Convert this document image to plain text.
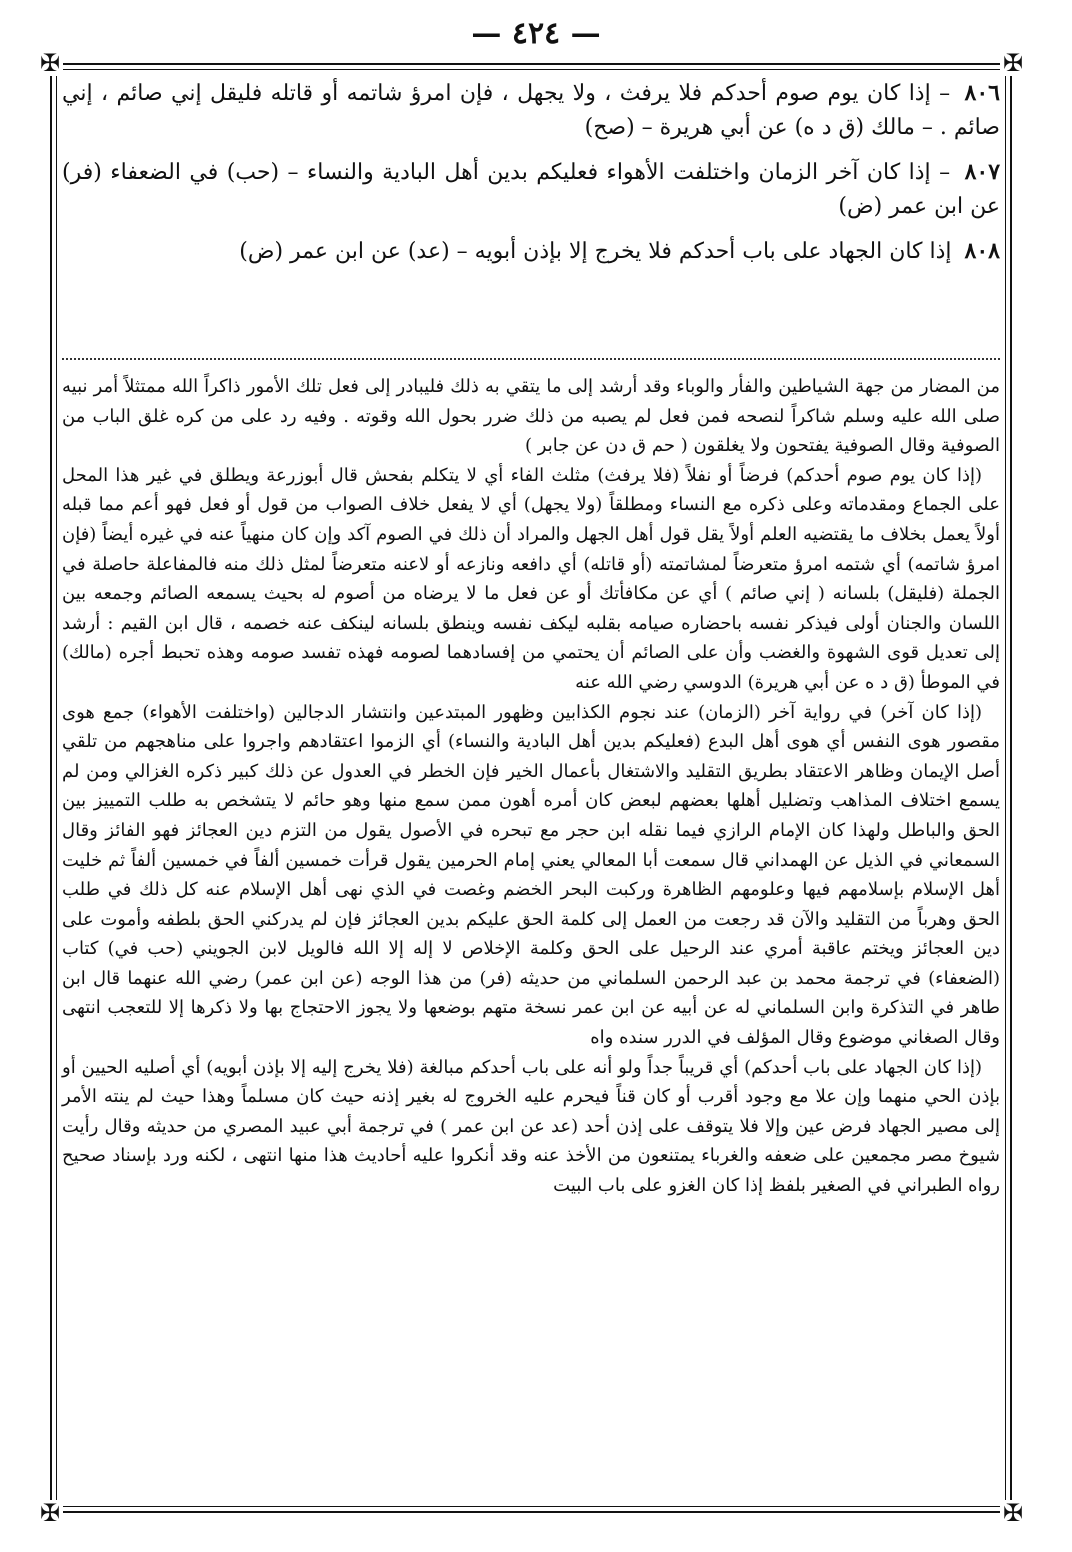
— ٤٢٤ —
✠	✠
✠	✠

٨٠٦ – إذا كان يوم صوم أحدكم فلا يرفث ، ولا يجهل ، فإن امرؤ شاتمه أو قاتله فليقل إني صائم ، إني صائم . – مالك (ق د ه) عن أبي هريرة – (صح)

٨٠٧ – إذا كان آخر الزمان واختلفت الأهواء فعليكم بدين أهل البادية والنساء – (حب) في الضعفاء (فر) عن ابن عمر (ض)

٨٠٨ إذا كان الجهاد على باب أحدكم فلا يخرج إلا بإذن أبويه – (عد) عن ابن عمر (ض)

من المضار من جهة الشياطين والفأر والوباء وقد أرشد إلى ما يتقي به ذلك فليبادر إلى فعل تلك الأمور ذاكراً الله ممتثلاً أمر نبيه صلى الله عليه وسلم شاكراً لنصحه فمن فعل لم يصبه من ذلك ضرر بحول الله وقوته . وفيه رد على من كره غلق الباب من الصوفية وقال الصوفية يفتحون ولا يغلقون ( حم ق دن عن جابر )

(إذا كان يوم صوم أحدكم) فرضاً أو نفلاً (فلا يرفث) مثلث الفاء أي لا يتكلم بفحش قال أبوزرعة ويطلق في غير هذا المحل على الجماع ومقدماته وعلى ذكره مع النساء ومطلقاً (ولا يجهل) أي لا يفعل خلاف الصواب من قول أو فعل فهو أعم مما قبله أولاً يعمل بخلاف ما يقتضيه العلم أولاً يقل قول أهل الجهل والمراد أن ذلك في الصوم آكد وإن كان منهياً عنه في غيره أيضاً (فإن امرؤ شاتمه) أي شتمه امرؤ متعرضاً لمشاتمته (أو قاتله) أي دافعه ونازعه أو لاعنه متعرضاً لمثل ذلك منه فالمفاعلة حاصلة في الجملة (فليقل) بلسانه ( إني صائم ) أي عن مكافأتك أو عن فعل ما لا يرضاه من أصوم له بحيث يسمعه الصائم وجمعه بين اللسان والجنان أولى فيذكر نفسه باحضاره صيامه بقلبه ليكف نفسه وينطق بلسانه لينكف عنه خصمه ، قال ابن القيم : أرشد إلى تعديل قوى الشهوة والغضب وأن على الصائم أن يحتمي من إفسادهما لصومه فهذه تفسد صومه وهذه تحبط أجره (مالك) في الموطأ (ق د ه عن أبي هريرة) الدوسي رضي الله عنه

(إذا كان آخر) في رواية آخر (الزمان) عند نجوم الكذابين وظهور المبتدعين وانتشار الدجالين (واختلفت الأهواء) جمع هوى مقصور هوى النفس أي هوى أهل البدع (فعليكم بدين أهل البادية والنساء) أي الزموا اعتقادهم واجروا على مناهجهم من تلقي أصل الإيمان وظاهر الاعتقاد بطريق التقليد والاشتغال بأعمال الخير فإن الخطر في العدول عن ذلك كبير ذكره الغزالي ومن لم يسمع اختلاف المذاهب وتضليل أهلها بعضهم لبعض كان أمره أهون ممن سمع منها وهو حائم لا يتشخص به طلب التمييز بين الحق والباطل ولهذا كان الإمام الرازي فيما نقله ابن حجر مع تبحره في الأصول يقول من التزم دين العجائز فهو الفائز وقال السمعاني في الذيل عن الهمداني قال سمعت أبا المعالي يعني إمام الحرمين يقول قرأت خمسين ألفاً في خمسين ألفاً ثم خليت أهل الإسلام بإسلامهم فيها وعلومهم الظاهرة وركبت البحر الخضم وغصت في الذي نهى أهل الإسلام عنه كل ذلك في طلب الحق وهرباً من التقليد والآن قد رجعت من العمل إلى كلمة الحق عليكم بدين العجائز فإن لم يدركني الحق بلطفه وأموت على دين العجائز ويختم عاقبة أمري عند الرحيل على الحق وكلمة الإخلاص لا إله إلا الله فالويل لابن الجويني (حب في) كتاب (الضعفاء) في ترجمة محمد بن عبد الرحمن السلماني من حديثه (فر) من هذا الوجه (عن ابن عمر) رضي الله عنهما قال ابن طاهر في التذكرة وابن السلماني له عن أبيه عن ابن عمر نسخة متهم بوضعها ولا يجوز الاحتجاج بها ولا ذكرها إلا للتعجب انتهى وقال الصغاني موضوع وقال المؤلف في الدرر سنده واه

(إذا كان الجهاد على باب أحدكم) أي قريباً جداً ولو أنه على باب أحدكم مبالغة (فلا يخرج إليه إلا بإذن أبويه) أي أصليه الحيين أو بإذن الحي منهما وإن علا مع وجود أقرب أو كان قناً فيحرم عليه الخروج له بغير إذنه حيث كان مسلماً وهذا حيث لم ينته الأمر إلى مصير الجهاد فرض عين وإلا فلا يتوقف على إذن أحد (عد عن ابن عمر ) في ترجمة أبي عبيد المصري من حديثه وقال رأيت شيوخ مصر مجمعين على ضعفه والغرباء يمتنعون من الأخذ عنه وقد أنكروا عليه أحاديث هذا منها انتهى ، لكنه ورد بإسناد صحيح رواه الطبراني في الصغير بلفظ إذا كان الغزو على باب البيت
